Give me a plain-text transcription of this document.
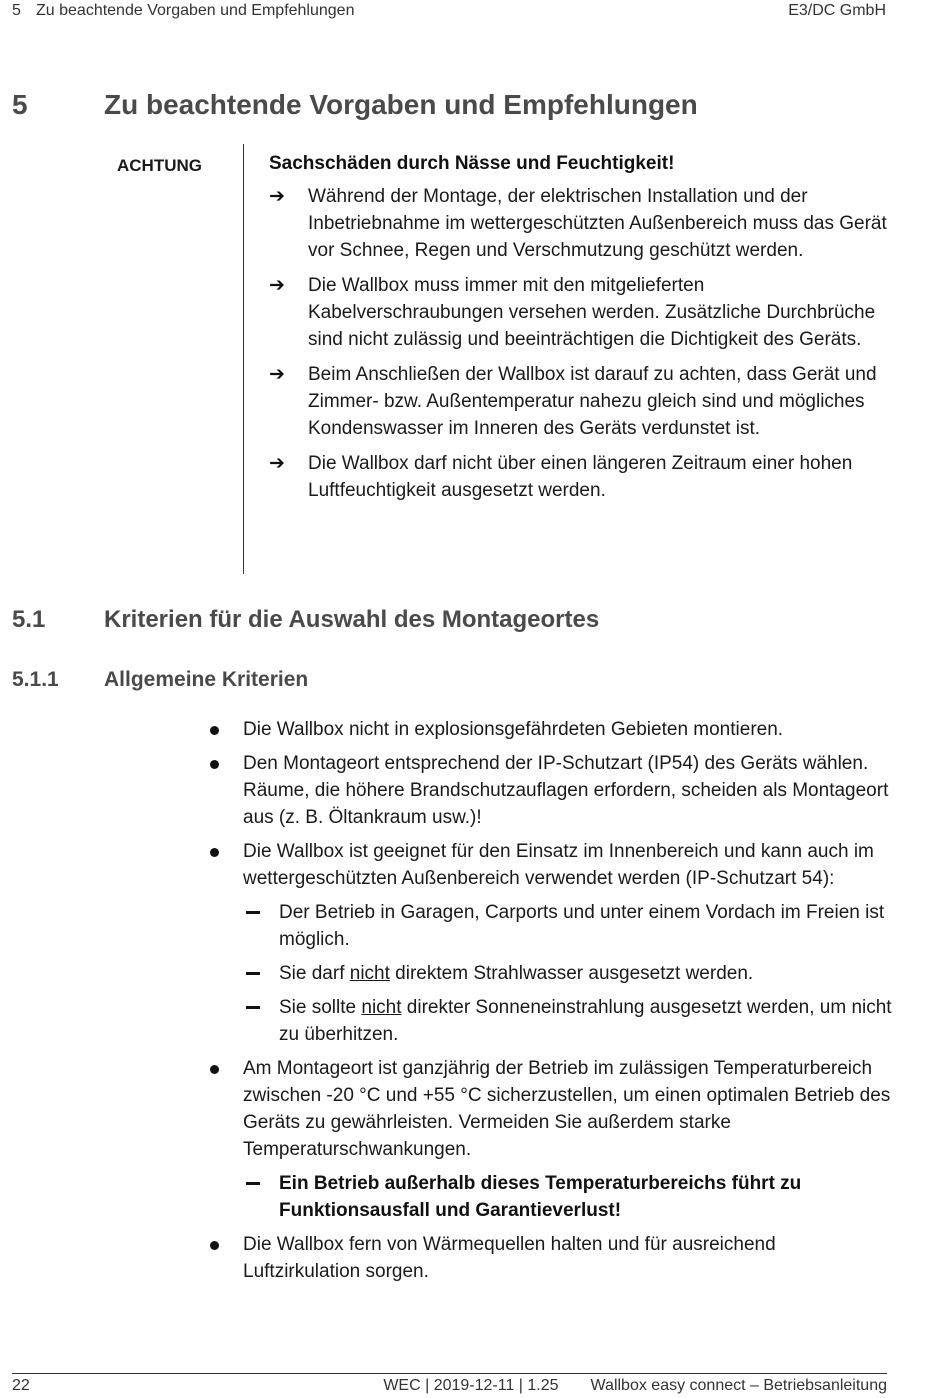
5 Zu beachtende Vorgaben und Empfehlungen	E3/DC GmbH
5	Zu beachtende Vorgaben und Empfehlungen
ACHTUNG	Sachschäden durch Nässe und Feuchtigkeit!
➔ Während der Montage, der elektrischen Installation und der Inbetriebnahme im wettergeschützten Außenbereich muss das Gerät vor Schnee, Regen und Verschmutzung geschützt werden.
➔ Die Wallbox muss immer mit den mitgelieferten Kabelverschraubungen versehen werden. Zusätzliche Durchbrüche sind nicht zulässig und beeinträchtigen die Dichtigkeit des Geräts.
➔ Beim Anschließen der Wallbox ist darauf zu achten, dass Gerät und Zimmer- bzw. Außentemperatur nahezu gleich sind und mögliches Kondenswasser im Inneren des Geräts verdunstet ist.
➔ Die Wallbox darf nicht über einen längeren Zeitraum einer hohen Luftfeuchtigkeit ausgesetzt werden.
5.1 Kriterien für die Auswahl des Montageortes
5.1.1 Allgemeine Kriterien
Die Wallbox nicht in explosionsgefährdeten Gebieten montieren.
Den Montageort entsprechend der IP-Schutzart (IP54) des Geräts wählen. Räume, die höhere Brandschutzauflagen erfordern, scheiden als Montageort aus (z. B. Öltankraum usw.)!
Die Wallbox ist geeignet für den Einsatz im Innenbereich und kann auch im wettergeschützten Außenbereich verwendet werden (IP-Schutzart 54):
Der Betrieb in Garagen, Carports und unter einem Vordach im Freien ist möglich.
Sie darf nicht direktem Strahlwasser ausgesetzt werden.
Sie sollte nicht direkter Sonneneinstrahlung ausgesetzt werden, um nicht zu überhitzen.
Am Montageort ist ganzjährig der Betrieb im zulässigen Temperaturbereich zwischen -20 °C und +55 °C sicherzustellen, um einen optimalen Betrieb des Geräts zu gewährleisten. Vermeiden Sie außerdem starke Temperaturschwankungen.
Ein Betrieb außerhalb dieses Temperaturbereichs führt zu Funktionsausfall und Garantieverlust!
Die Wallbox fern von Wärmequellen halten und für ausreichend Luftzirkulation sorgen.
22	WEC | 2019-12-11 | 1.25 Wallbox easy connect – Betriebsanleitung
